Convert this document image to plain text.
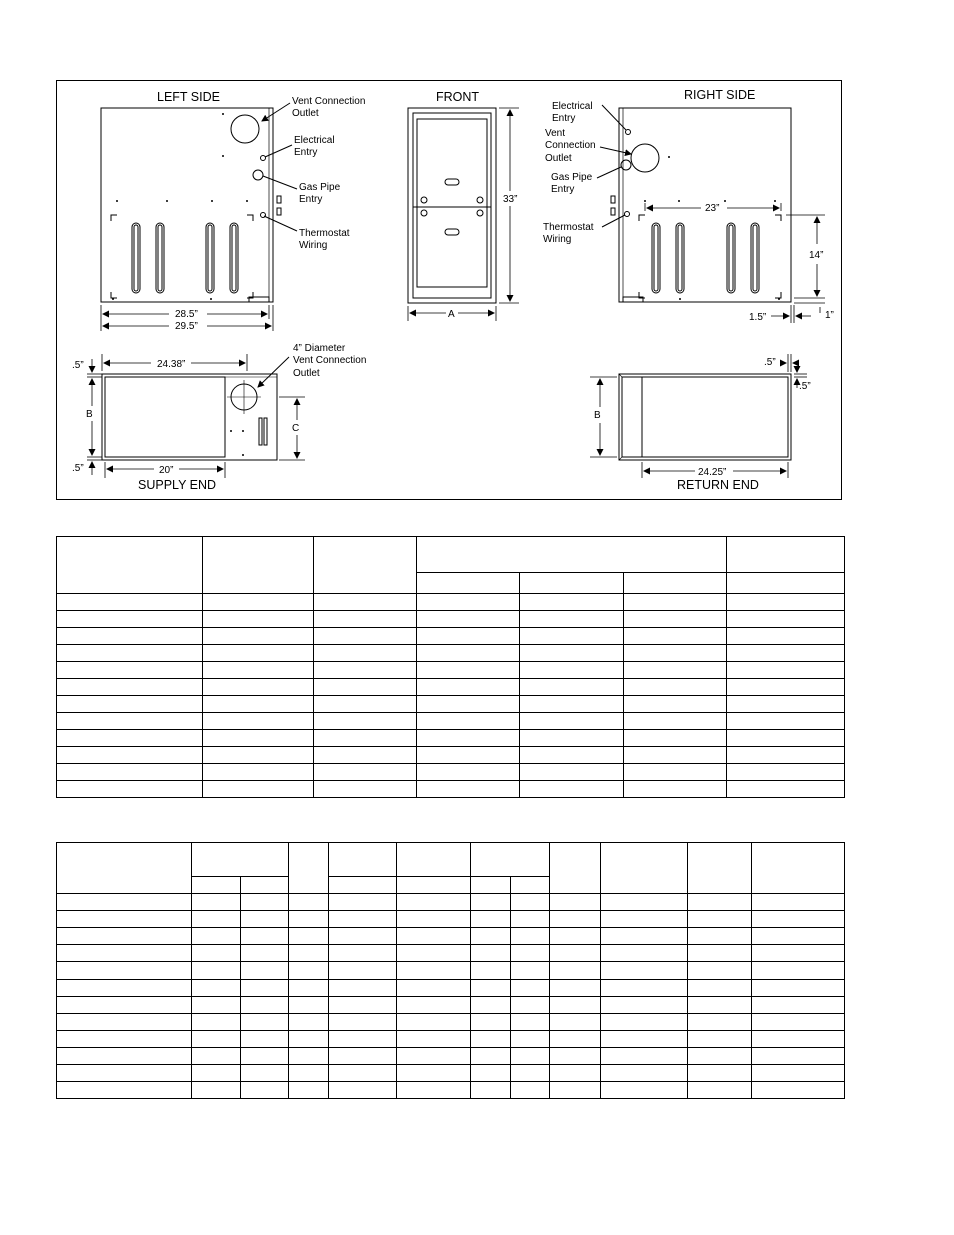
LEFT SIDE	Vent Connection
Outlet
Electrical
Entry
Gas Pipe
Entry
Thermostat
Wiring
28.5”
29.5”
FRONT
33”
A
RIGHT SIDE
Electrical
Entry
Vent
Connection
Outlet
Gas Pipe
Entry
Thermostat
Wiring
23”
14”
1.5”	1”
SUPPLY END
4” Diameter
Vent Connection
Outlet
24.38”
.5”
B
.5”	20”
C
RETURN END
.5”
.5”
B
24.25”
